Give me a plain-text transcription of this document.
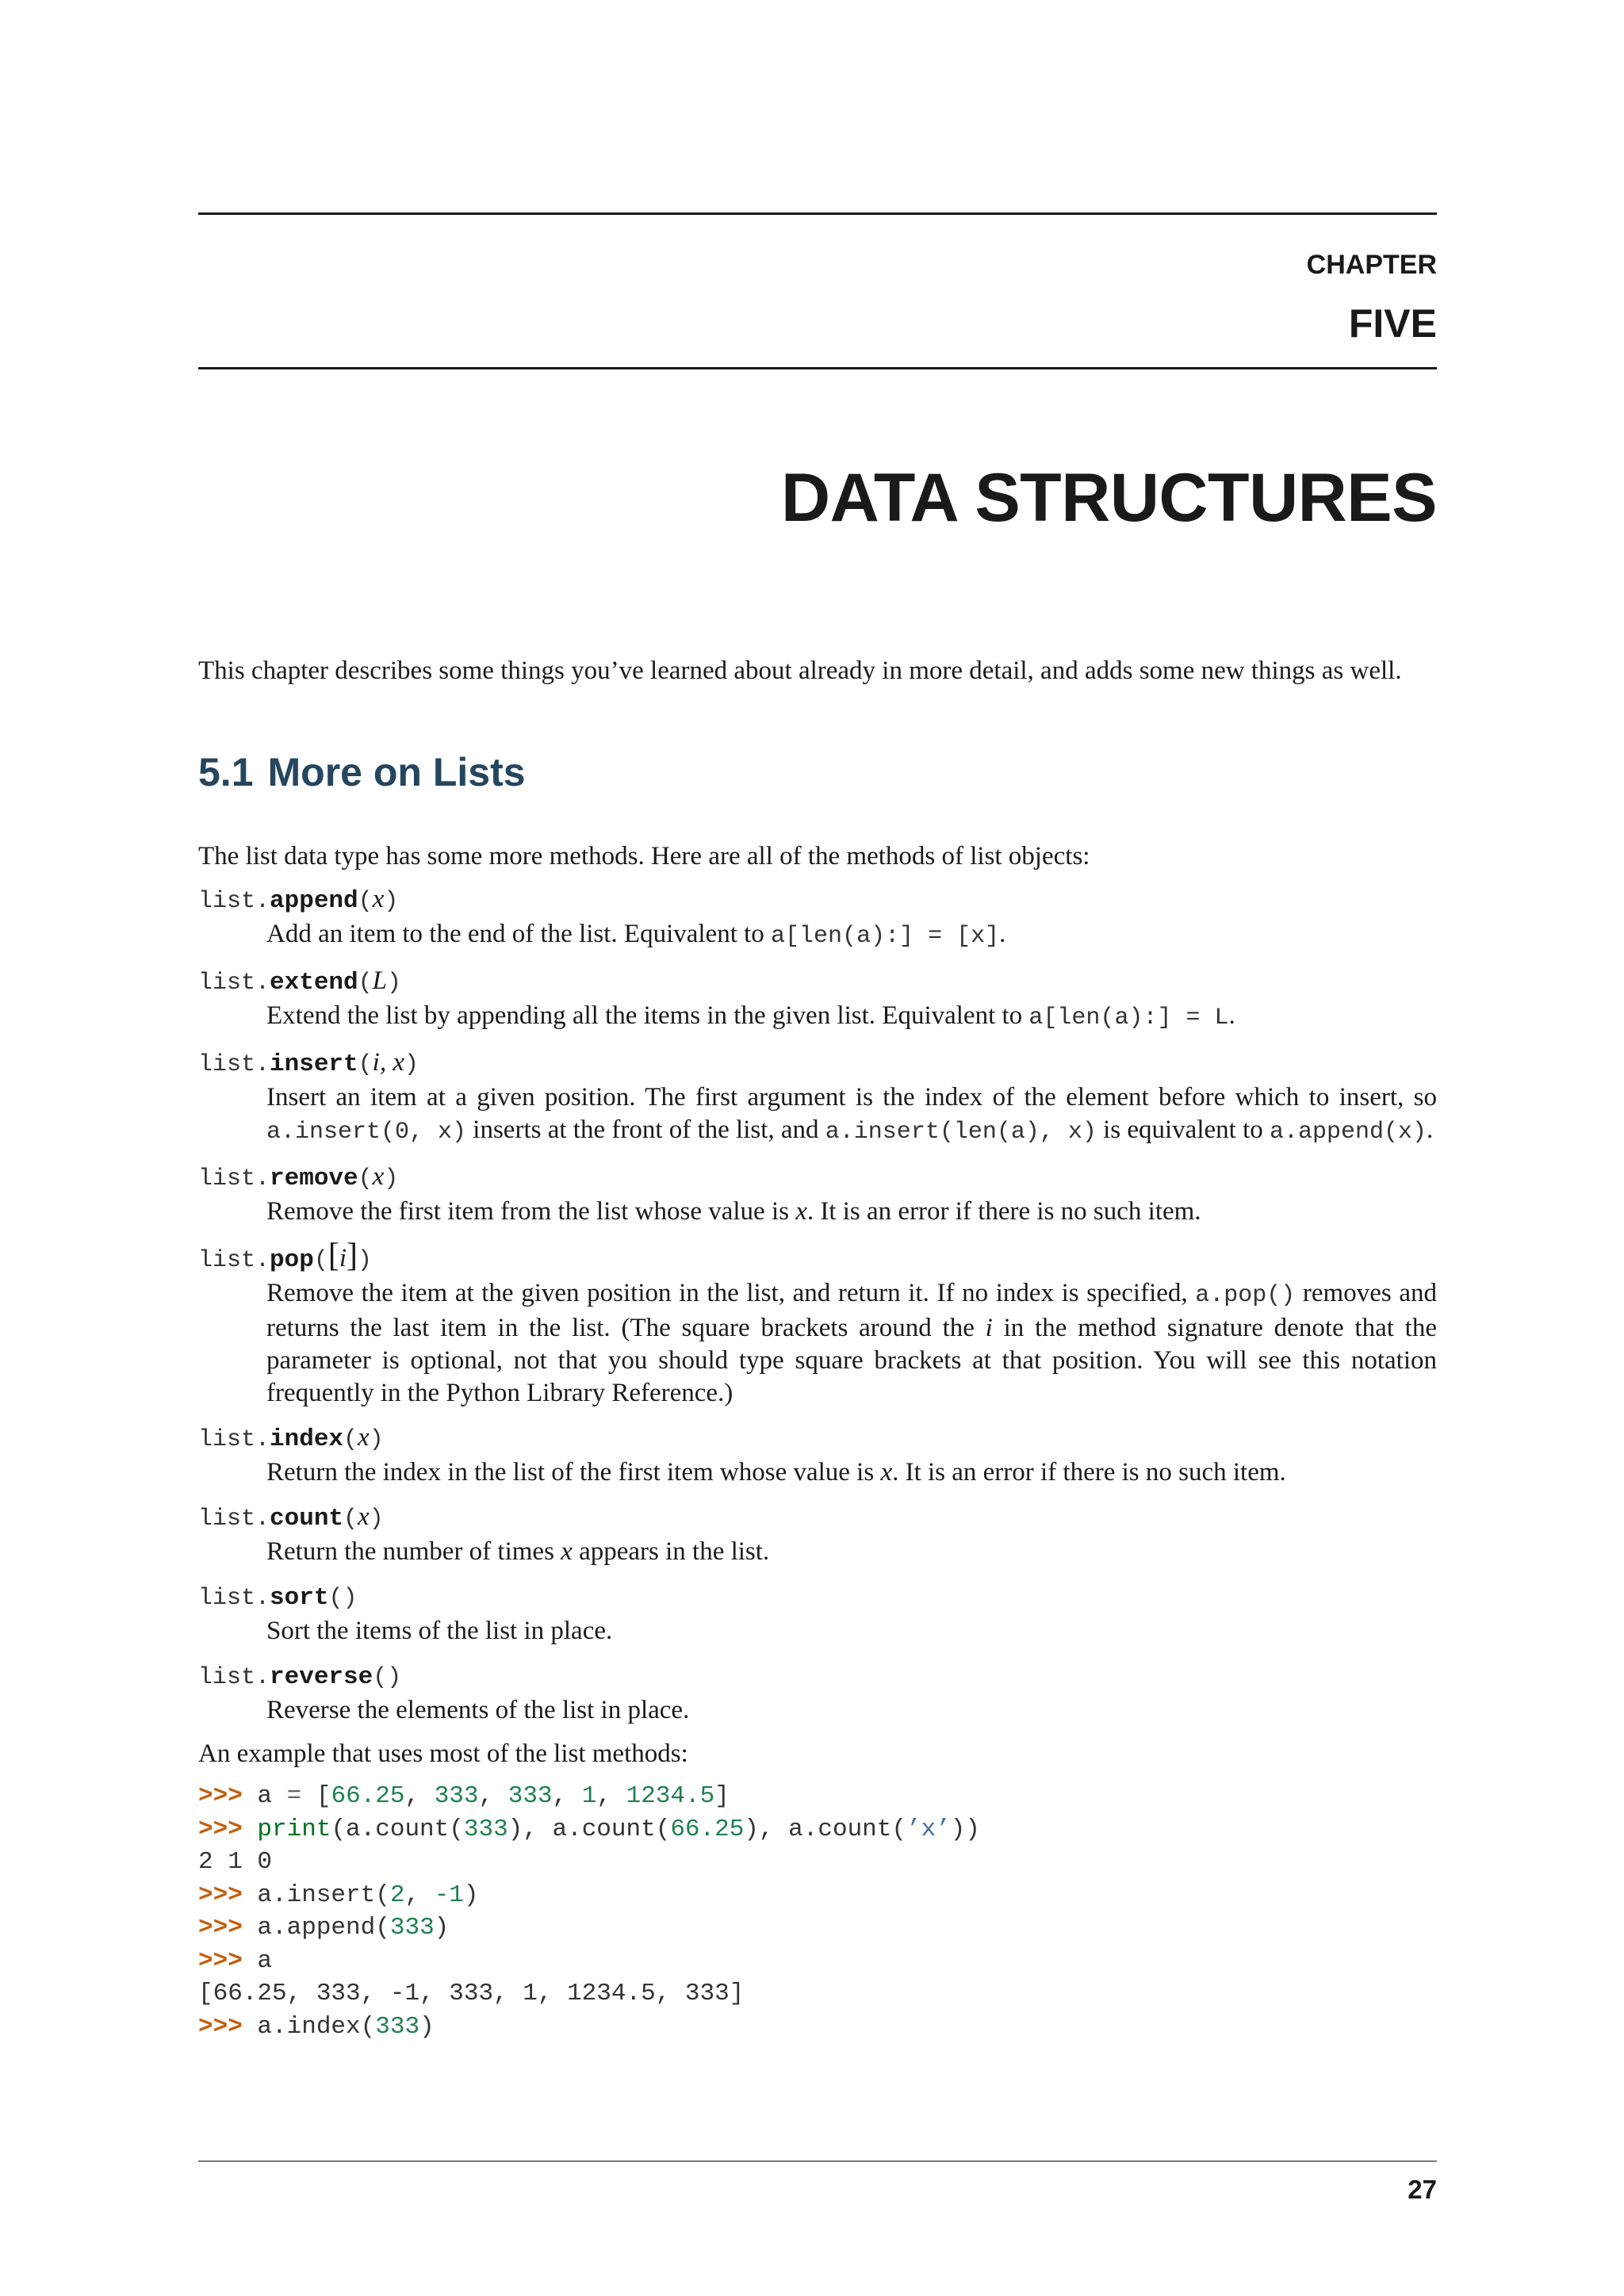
CHAPTER
FIVE
DATA STRUCTURES
This chapter describes some things you’ve learned about already in more detail, and adds some new things as well.
5.1 More on Lists
The list data type has some more methods. Here are all of the methods of list objects:
list.append(x)
Add an item to the end of the list. Equivalent to a[len(a):] = [x].
list.extend(L)
Extend the list by appending all the items in the given list. Equivalent to a[len(a):] = L.
list.insert(i, x)
Insert an item at a given position. The first argument is the index of the element before which to insert, so a.insert(0, x) inserts at the front of the list, and a.insert(len(a), x) is equivalent to a.append(x).
list.remove(x)
Remove the first item from the list whose value is x. It is an error if there is no such item.
list.pop([i])
Remove the item at the given position in the list, and return it. If no index is specified, a.pop() removes and returns the last item in the list. (The square brackets around the i in the method signature denote that the parameter is optional, not that you should type square brackets at that position. You will see this notation frequently in the Python Library Reference.)
list.index(x)
Return the index in the list of the first item whose value is x. It is an error if there is no such item.
list.count(x)
Return the number of times x appears in the list.
list.sort()
Sort the items of the list in place.
list.reverse()
Reverse the elements of the list in place.
An example that uses most of the list methods:
>>> a = [66.25, 333, 333, 1, 1234.5]
>>> print(a.count(333), a.count(66.25), a.count(’x’))
2 1 0
>>> a.insert(2, -1)
>>> a.append(333)
>>> a
[66.25, 333, -1, 333, 1, 1234.5, 333]
>>> a.index(333)
27
